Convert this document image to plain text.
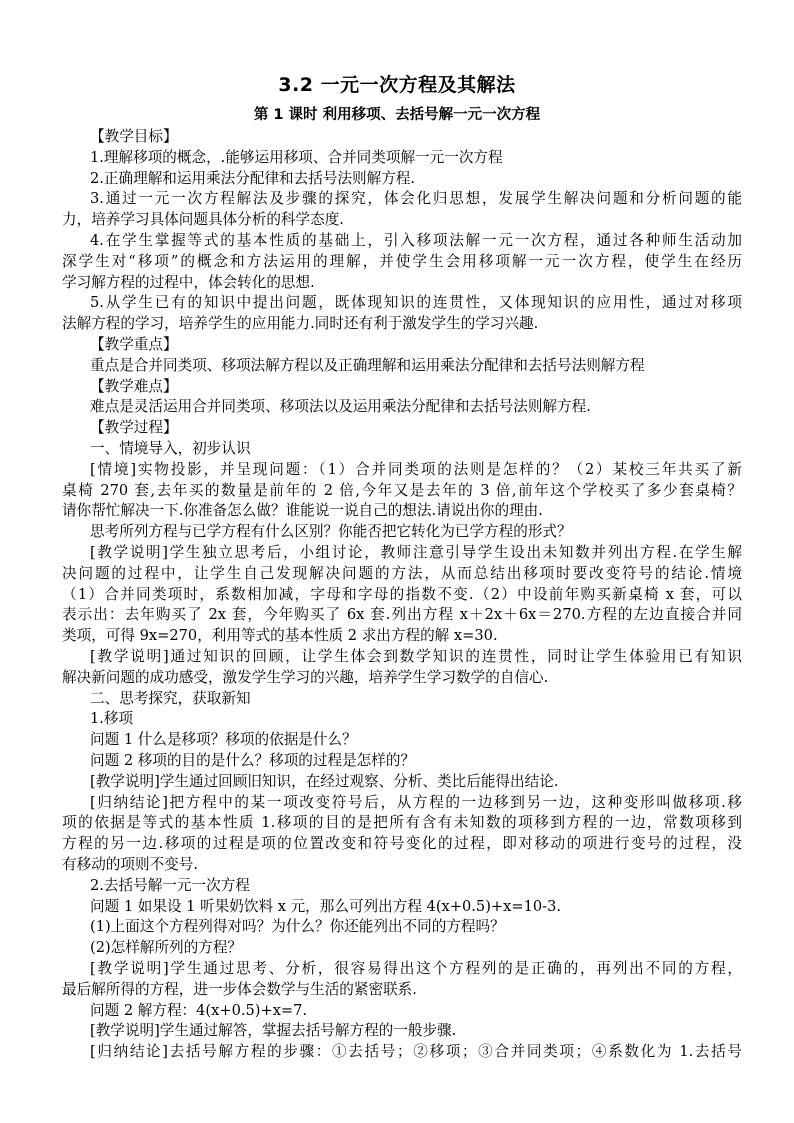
3.2 一元一次方程及其解法
第 1 课时 利用移项、去括号解一元一次方程
【教学目标】
1.理解移项的概念，.能够运用移项、合并同类项解一元一次方程
2.正确理解和运用乘法分配律和去括号法则解方程.
3.通过一元一次方程解法及步骤的探究，体会化归思想，发展学生解决问题和分析问题的能
力，培养学习具体问题具体分析的科学态度.
4.在学生掌握等式的基本性质的基础上，引入移项法解一元一次方程，通过各种师生活动加
深学生对“移项”的概念和方法运用的理解，并使学生会用移项解一元一次方程，使学生在经历
学习解方程的过程中，体会转化的思想.
5.从学生已有的知识中提出问题，既体现知识的连贯性，又体现知识的应用性，通过对移项
法解方程的学习，培养学生的应用能力.同时还有利于激发学生的学习兴趣.
【教学重点】
重点是合并同类项、移项法解方程以及正确理解和运用乘法分配律和去括号法则解方程
【教学难点】
难点是灵活运用合并同类项、移项法以及运用乘法分配律和去括号法则解方程.
【教学过程】
一、情境导入，初步认识
[情境]实物投影，并呈现问题：（1）合并同类项的法则是怎样的？（2）某校三年共买了新
桌椅 270 套,去年买的数量是前年的 2 倍,今年又是去年的 3 倍,前年这个学校买了多少套桌椅？
请你帮忙解决一下.你准备怎么做？谁能说一说自己的想法.请说出你的理由.
思考所列方程与已学方程有什么区别？你能否把它转化为已学方程的形式？
[教学说明]学生独立思考后，小组讨论，教师注意引导学生设出未知数并列出方程.在学生解
决问题的过程中，让学生自己发现解决问题的方法，从而总结出移项时要改变符号的结论.情境
（1）合并同类项时，系数相加减，字母和字母的指数不变.（2）中设前年购买新桌椅 x 套，可以
表示出：去年购买了 2x 套，今年购买了 6x 套.列出方程 x＋2x＋6x＝270.方程的左边直接合并同
类项，可得 9x=270，利用等式的基本性质 2 求出方程的解 x=30.
[教学说明]通过知识的回顾，让学生体会到数学知识的连贯性，同时让学生体验用已有知识
解决新问题的成功感受，激发学生学习的兴趣，培养学生学习数学的自信心.
二、思考探究，获取新知
1.移项
问题 1 什么是移项？移项的依据是什么？
问题 2 移项的目的是什么？移项的过程是怎样的？
[教学说明]学生通过回顾旧知识，在经过观察、分析、类比后能得出结论.
[归纳结论]把方程中的某一项改变符号后，从方程的一边移到另一边，这种变形叫做移项.移
项的依据是等式的基本性质 1.移项的目的是把所有含有未知数的项移到方程的一边，常数项移到
方程的另一边.移项的过程是项的位置改变和符号变化的过程，即对移动的项进行变号的过程，没
有移动的项则不变号.
2.去括号解一元一次方程
问题 1 如果设 1 听果奶饮料 x 元，那么可列出方程 4(x+0.5)+x=10-3.
(1)上面这个方程列得对吗？为什么？你还能列出不同的方程吗？
(2)怎样解所列的方程？
[教学说明]学生通过思考、分析，很容易得出这个方程列的是正确的，再列出不同的方程，
最后解所得的方程，进一步体会数学与生活的紧密联系.
问题 2 解方程：4(x+0.5)+x=7.
[教学说明]学生通过解答，掌握去括号解方程的一般步骤.
[归纳结论]去括号解方程的步骤：①去括号；②移项；③合并同类项；④系数化为 1.去括号
